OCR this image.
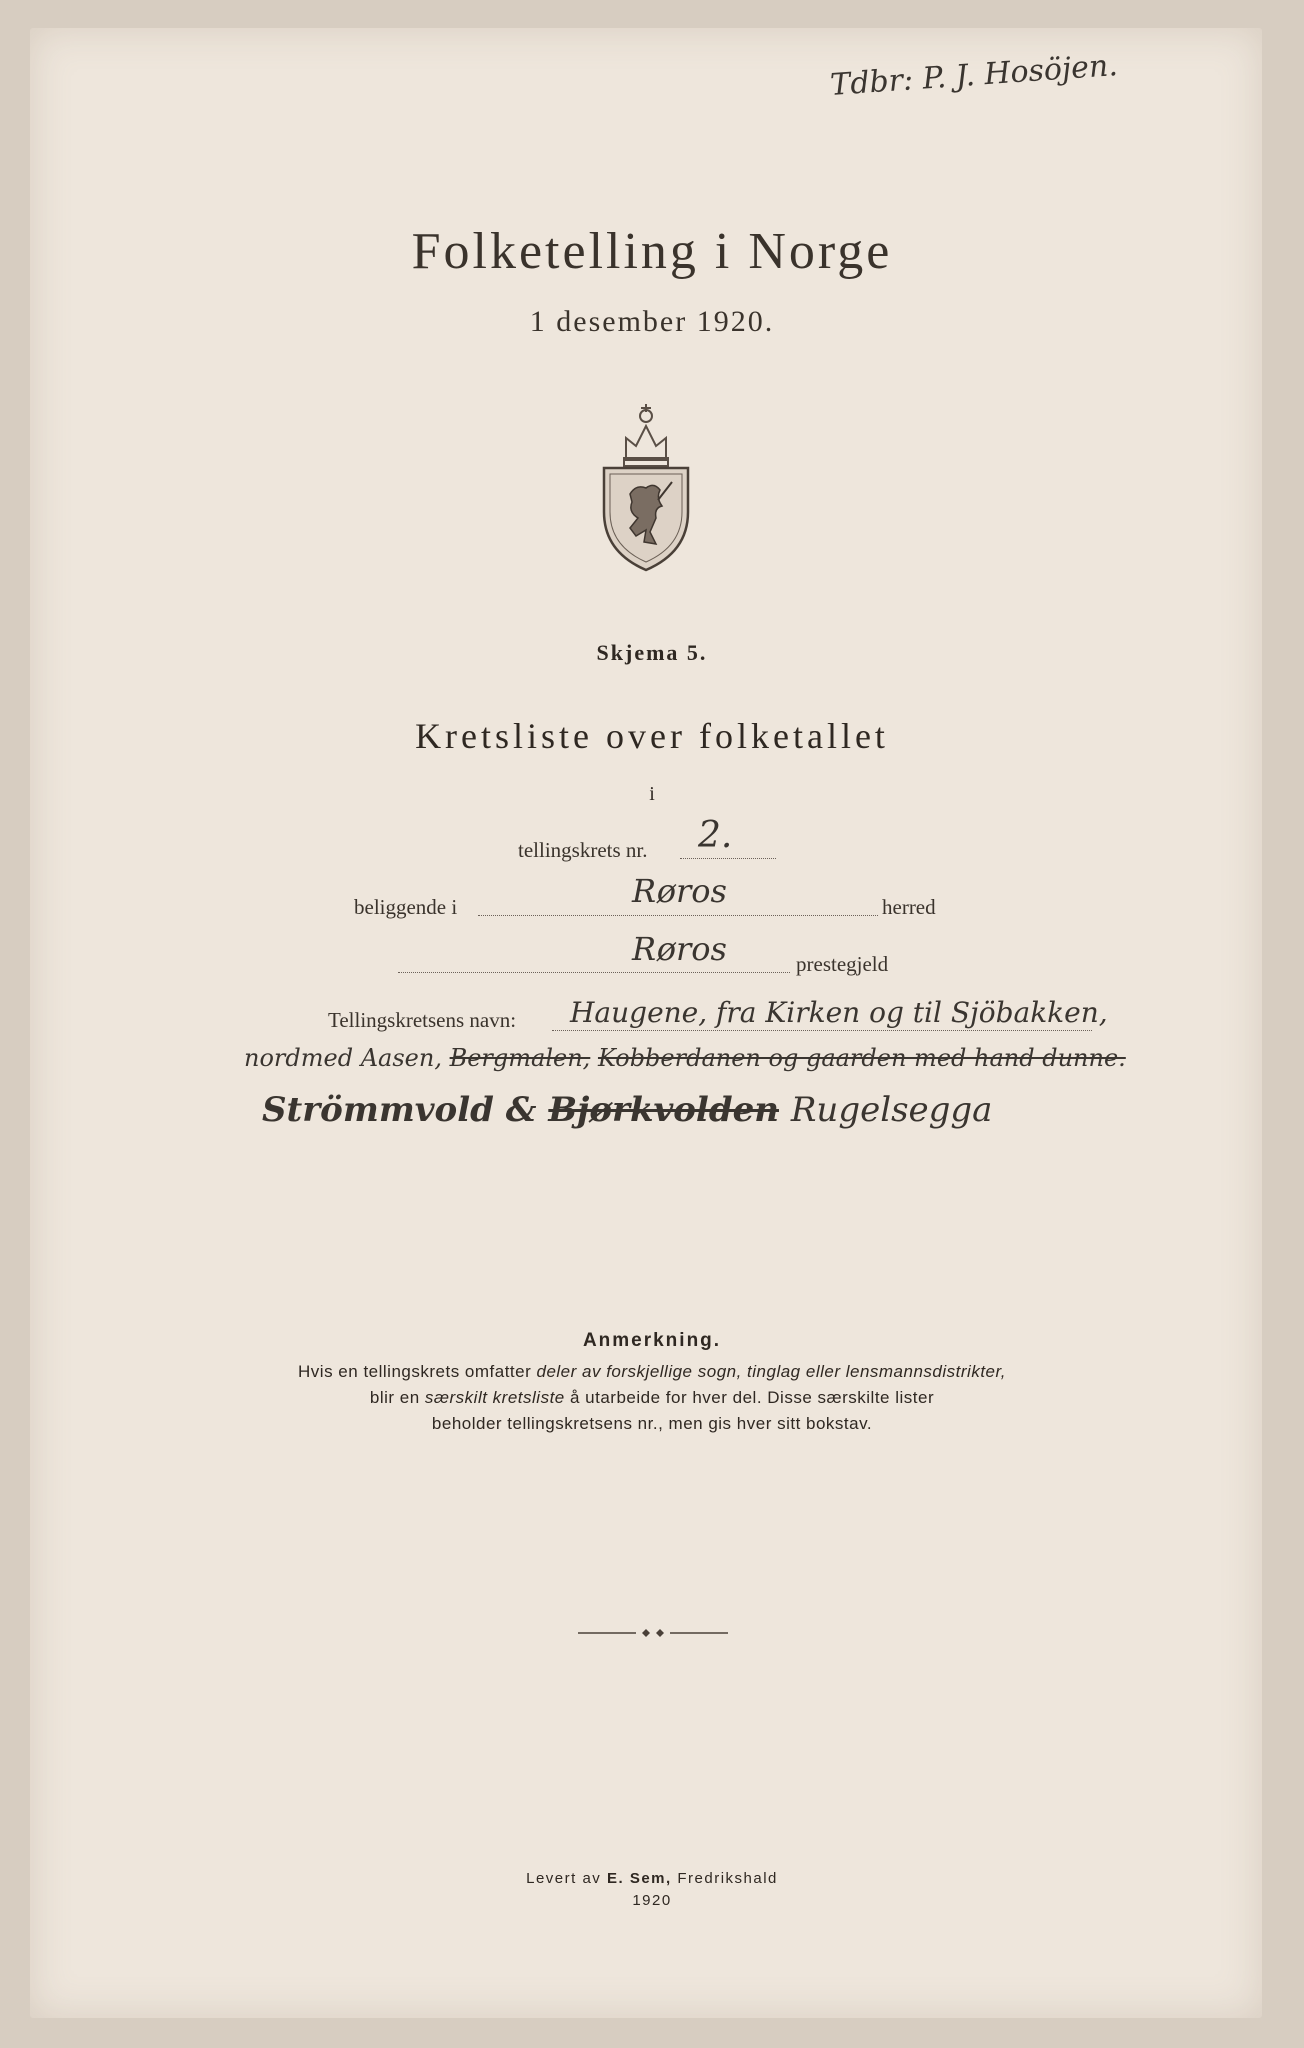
Tdbr: P. J. Hosöjen.
Folketelling i Norge
1 desember 1920.
Skjema 5.
Kretsliste over folketallet
i
tellingskrets nr. 2.
beliggende i	Røros	herred
Røros	prestegjeld
Tellingskretsens navn: Haugene, fra Kirken og til Sjöbakken,
nordmed Aasen, Bergmalen, Kobberdanen og gaarden med hand dunne.
Strömmvold & Bjørkvolden Rugelsegga
Anmerkning.
Hvis en tellingskrets omfatter deler av forskjellige sogn, tinglag eller lensmannsdistrikter,
blir en særskilt kretsliste å utarbeide for hver del. Disse særskilte lister
beholder tellingskretsens nr., men gis hver sitt bokstav.
Levert av E. Sem, Fredrikshald
1920
